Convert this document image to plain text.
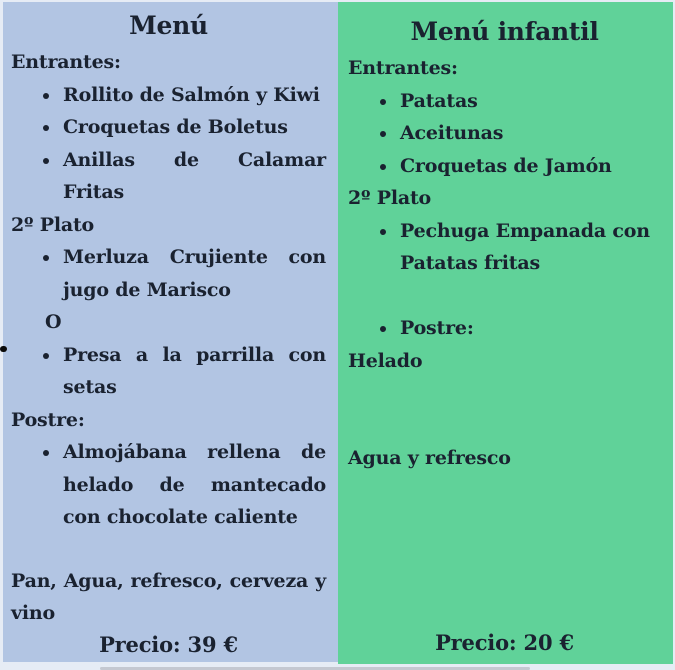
Menú

Entrantes:

• Rollito de Salmón y Kiwi
• Croquetas de Boletus
• Anillas de Calamar Fritas

2º Plato

• Merluza Crujiente con jugo de Marisco

O

• Presa a la parrilla con setas

Postre:

• Almojábana rellena de helado de mantecado con chocolate caliente

Pan, Agua, refresco, cerveza y vino

Precio: 39 €

Menú infantil

Entrantes:

• Patatas
• Aceitunas
• Croquetas de Jamón

2º Plato

• Pechuga Empanada con Patatas fritas
• Postre:

Helado

Agua y refresco

Precio: 20 €
